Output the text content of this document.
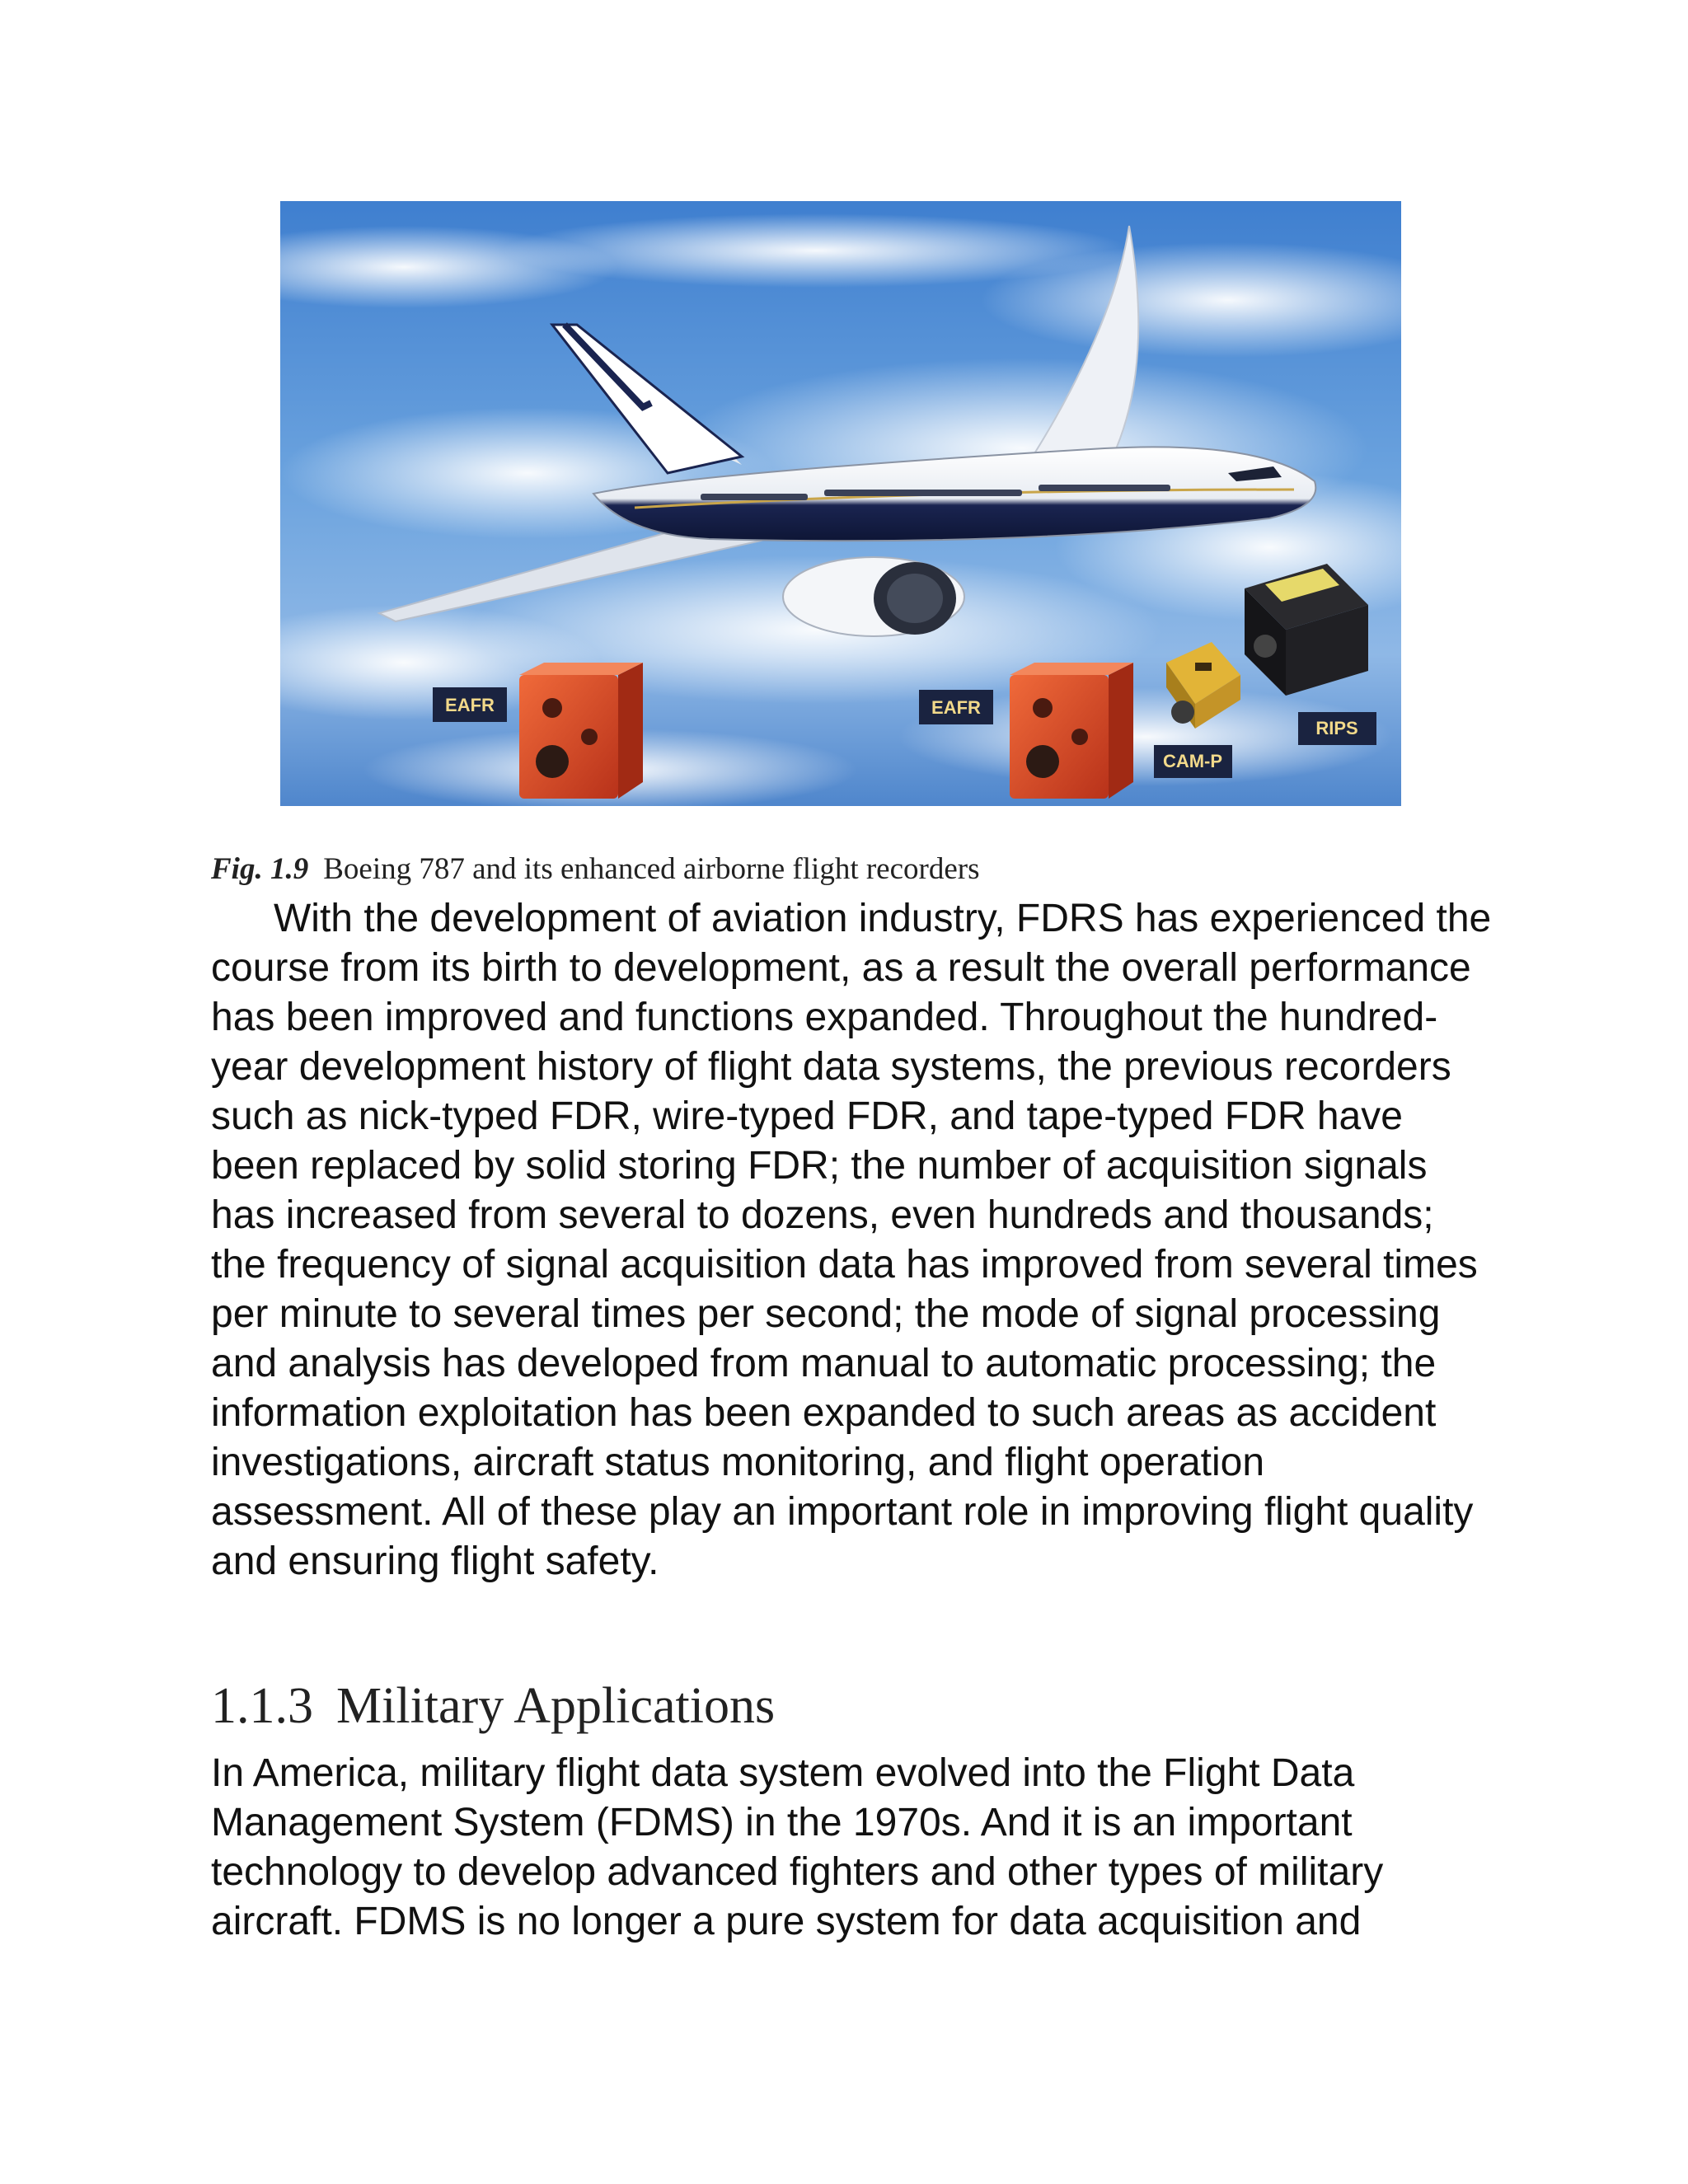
EAFR	EAFR
CAM-P
RIPS
Fig. 1.9 Boeing 787 and its enhanced airborne flight recorders

With the development of aviation industry, FDRS has experienced the course from its birth to development, as a result the overall performance has been improved and functions expanded. Throughout the hundred-year development history of flight data systems, the previous recorders such as nick-typed FDR, wire-typed FDR, and tape-typed FDR have been replaced by solid storing FDR; the number of acquisition signals has increased from several to dozens, even hundreds and thousands; the frequency of signal acquisition data has improved from several times per minute to several times per second; the mode of signal processing and analysis has developed from manual to automatic processing; the information exploitation has been expanded to such areas as accident investigations, aircraft status monitoring, and flight operation assessment. All of these play an important role in improving flight quality and ensuring flight safety.

1.1.3 Military Applications

In America, military flight data system evolved into the Flight Data Management System (FDMS) in the 1970s. And it is an important technology to develop advanced fighters and other types of military aircraft. FDMS is no longer a pure system for data acquisition and
